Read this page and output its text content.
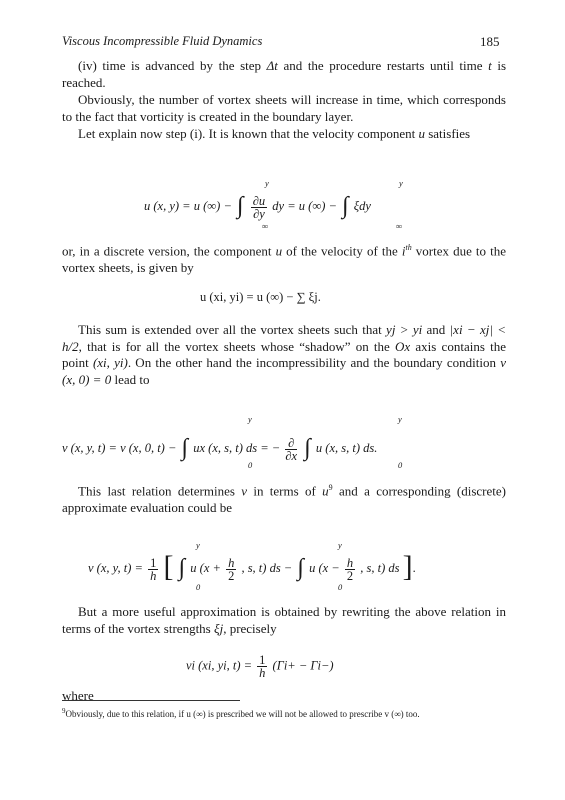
Viscous Incompressible Fluid Dynamics	185
(iv) time is advanced by the step Δt and the procedure restarts until time t is reached.
Obviously, the number of vortex sheets will increase in time, which corresponds to the fact that vorticity is created in the boundary layer.
Let explain now step (i). It is known that the velocity component u satisfies
u (x, y) = u (∞) − ∫ $\frac{\partial u}{\partial y}$ dy = u (∞) − ∫ ξdy
y
∞
y
∞
or, in a discrete version, the component u of the velocity of the $i^{th}$ vortex due to the vortex sheets, is given by
u (xi, yi) = u (∞) − ∑ ξj.
This sum is extended over all the vortex sheets such that yj > yi and |xi − xj| < h/2, that is for all the vortex sheets whose “shadow” on the Ox axis contains the point (xi, yi). On the other hand the incompressibility and the boundary condition v (x, 0) = 0 lead to
v (x, y, t) = v (x, 0, t) − ∫ ux (x, s, t) ds = − $\frac{\partial}{\partial x}$ ∫ u (x, s, t) ds.
y
0
y
0
This last relation determines v in terms of $u^9$ and a corresponding (discrete) approximate evaluation could be
v (x, y, $t) = \frac{1}{h}$ [ ∫ u ($x + \frac{h}{2}$ , s, t) ds − ∫ u ($x - \frac{h}{2}$ , s, t) ds ].
y
0
y
0
But a more useful approximation is obtained by rewriting the above relation in terms of the vortex strengths ξj, precisely
vi (xi, yi, $t) = \frac{1}{h} (\Gamma i+ - \Gamma i-)$
where
$^9$Obviously, due to this relation, if u (∞) is prescribed we will not be allowed to prescribe v (∞) too.
